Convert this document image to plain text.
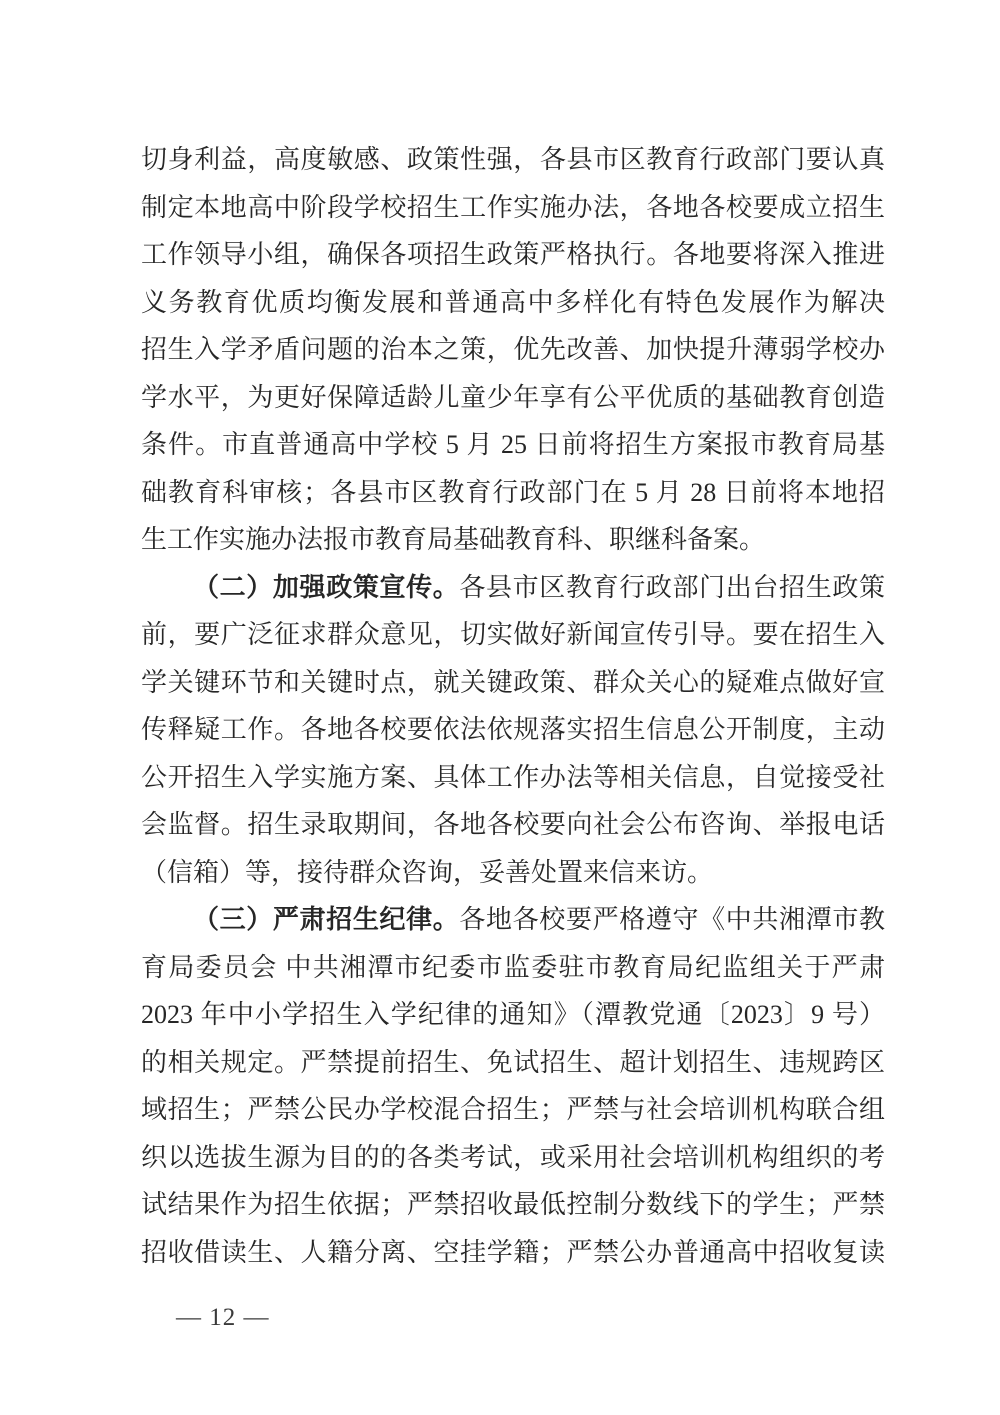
切身利益，高度敏感、政策性强，各县市区教育行政部门要认真
制定本地高中阶段学校招生工作实施办法，各地各校要成立招生
工作领导小组，确保各项招生政策严格执行。各地要将深入推进
义务教育优质均衡发展和普通高中多样化有特色发展作为解决
招生入学矛盾问题的治本之策，优先改善、加快提升薄弱学校办
学水平，为更好保障适龄儿童少年享有公平优质的基础教育创造
条件。市直普通高中学校 5 月 25 日前将招生方案报市教育局基
础教育科审核；各县市区教育行政部门在 5 月 28 日前将本地招
生工作实施办法报市教育局基础教育科、职继科备案。
（二）加强政策宣传。各县市区教育行政部门出台招生政策
前，要广泛征求群众意见，切实做好新闻宣传引导。要在招生入
学关键环节和关键时点，就关键政策、群众关心的疑难点做好宣
传释疑工作。各地各校要依法依规落实招生信息公开制度，主动
公开招生入学实施方案、具体工作办法等相关信息，自觉接受社
会监督。招生录取期间，各地各校要向社会公布咨询、举报电话
（信箱）等，接待群众咨询，妥善处置来信来访。
（三）严肃招生纪律。各地各校要严格遵守《中共湘潭市教
育局委员会 中共湘潭市纪委市监委驻市教育局纪监组关于严肃
2023 年中小学招生入学纪律的通知》（潭教党通〔2023〕9 号）
的相关规定。严禁提前招生、免试招生、超计划招生、违规跨区
域招生；严禁公民办学校混合招生；严禁与社会培训机构联合组
织以选拔生源为目的的各类考试，或采用社会培训机构组织的考
试结果作为招生依据；严禁招收最低控制分数线下的学生；严禁
招收借读生、人籍分离、空挂学籍；严禁公办普通高中招收复读
— 12 —
